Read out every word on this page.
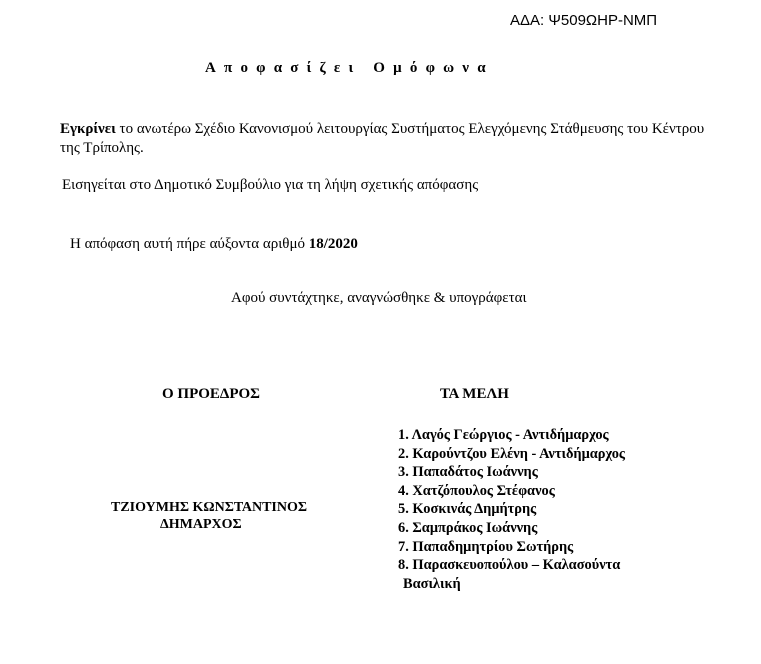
ΑΔΑ: Ψ509ΩΗΡ-ΝΜΠ
Αποφασίζει Ομόφωνα
Εγκρίνει το ανωτέρω Σχέδιο Κανονισμού λειτουργίας Συστήματος Ελεγχόμενης Στάθμευσης του Κέντρου της Τρίπολης.
Εισηγείται στο Δημοτικό Συμβούλιο για τη λήψη σχετικής απόφασης
Η απόφαση αυτή πήρε αύξοντα αριθμό 18/2020
Αφού συντάχτηκε, αναγνώσθηκε & υπογράφεται
Ο ΠΡΟΕΔΡΟΣ	ΤΑ ΜΕΛΗ
ΤΖΙΟΥΜΗΣ ΚΩΝΣΤΑΝΤΙΝΟΣ
ΔΗΜΑΡΧΟΣ
1. Λαγός Γεώργιος - Αντιδήμαρχος
2. Καρούντζου Ελένη - Αντιδήμαρχος
3. Παπαδάτος Ιωάννης
4. Χατζόπουλος Στέφανος
5. Κοσκινάς Δημήτρης
6. Σαμπράκος Ιωάννης
7. Παπαδημητρίου Σωτήρης
8. Παρασκευοπούλου – Καλασούντα
Βασιλική
